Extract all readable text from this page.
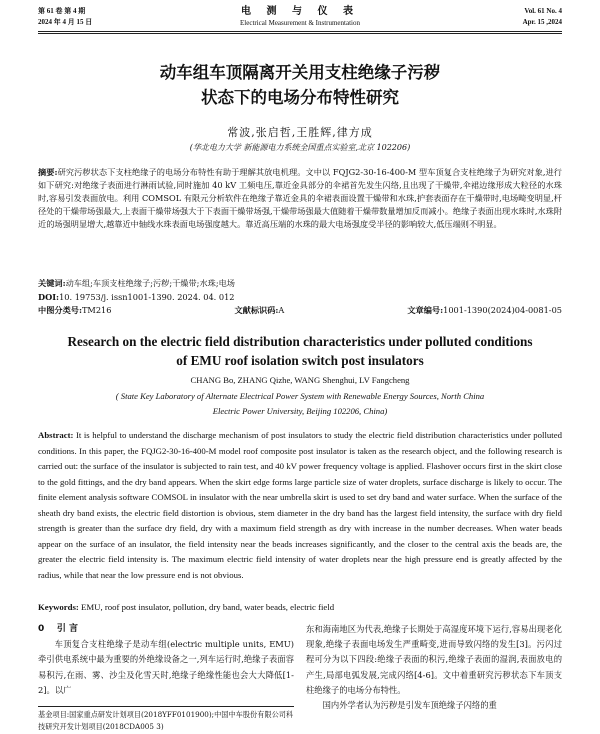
第 61 卷 第 4 期
2024 年 4 月 15 日
电 测 与 仪 表
Electrical Measurement & Instrumentation
Vol. 61 No. 4
Apr. 15 ,2024
动车组车顶隔离开关用支柱绝缘子污秽
状态下的电场分布特性研究
常波,张启哲,王胜辉,律方成
(华北电力大学 新能源电力系统全国重点实验室,北京 102206)
摘要:研究污秽状态下支柱绝缘子的电场分布特性有助于理解其放电机理。文中以 FQJG2-30-16-400-M 型车顶复合支柱绝缘子为研究对象,进行如下研究:对绝缘子表面进行淋雨试验,同时施加 40 kV 工频电压,靠近金具部分的伞裙首先发生闪络,且出现了干燥带,伞裙边缘形成大粒径的水珠时,容易引发表面放电。利用 COMSOL 有限元分析软件在绝缘子靠近金具的伞裙表面设置干燥带和水珠,护套表面存在干燥带时,电场畸变明显,杆径处的干燥带场强最大,上表面干燥带场强大于下表面干燥带场强,干燥带场强最大值随着干燥带数量增加反而减小。绝缘子表面出现水珠时,水珠附近的场强明显增大,越靠近中轴线水珠表面电场强度越大。靠近高压端的水珠的最大电场强度受半径的影响较大,低压端则不明显。
关键词:动车组;车顶支柱绝缘子;污秽;干燥带;水珠;电场
DOI:10. 19753/j. issn1001-1390. 2024. 04. 012
中图分类号:TM216	文献标识码:A	文章编号:1001-1390(2024)04-0081-05
Research on the electric field distribution characteristics under polluted conditions
of EMU roof isolation switch post insulators
CHANG Bo, ZHANG Qizhe, WANG Shenghui, LV Fangcheng
( State Key Laboratory of Alternate Electrical Power System with Renewable Energy Sources, North China
Electric Power University, Beijing 102206, China)
Abstract: It is helpful to understand the discharge mechanism of post insulators to study the electric field distribution characteristics under polluted conditions. In this paper, the FQJG2-30-16-400-M model roof composite post insulator is taken as the research object, and the following research is carried out: the surface of the insulator is subjected to rain test, and 40 kV power frequency voltage is applied. Flashover occurs first in the skirt close to the gold fittings, and the dry band appears. When the skirt edge forms large particle size of water droplets, surface discharge is likely to occur. The finite element analysis software COMSOL in insulator with the near umbrella skirt is used to set dry band and water surface. When the surface of the sheath dry band exists, the electric field distortion is obvious, stem diameter in the dry band has the largest field intensity, the surface with dry field strength is greater than the surface dry field, dry with a maximum field strength as dry with increase in the number decreases. When water beads appear on the surface of an insulator, the field intensity near the beads increases significantly, and the closer to the central axis the beads are, the greater the electric field intensity is. The maximum electric field intensity of water droplets near the high pressure end is greatly affected by the radius, while that near the low pressure end is not obvious.
Keywords: EMU, roof post insulator, pollution, dry band, water beads, electric field
0 引 言
车顶复合支柱绝缘子是动车组(electric multiple units, EMU)牵引供电系统中最为重要的外绝缘设备之一,列车运行时,绝缘子表面容易积污,在雨、雾、沙尘及化雪天时,绝缘子绝缘性能也会大大降低[1-2]。以广
东和海南地区为代表,绝缘子长期处于高湿度环境下运行,容易出现老化现象,绝缘子表面电场发生严重畸变,进而导致闪络的发生[3]。污闪过程可分为以下四段:绝缘子表面的积污,绝缘子表面的湿润,表面放电的产生,局部电弧发展,完成闪络[4-6]。文中着重研究污秽状态下车顶支柱绝缘子的电场分布特性。
国内外学者认为污秽是引发车顶绝缘子闪络的重
基金项目:国家重点研发计划项目(2018YFF0101900);中国中车股份有限公司科技研究开发计划项目(2018CDA005 3)
